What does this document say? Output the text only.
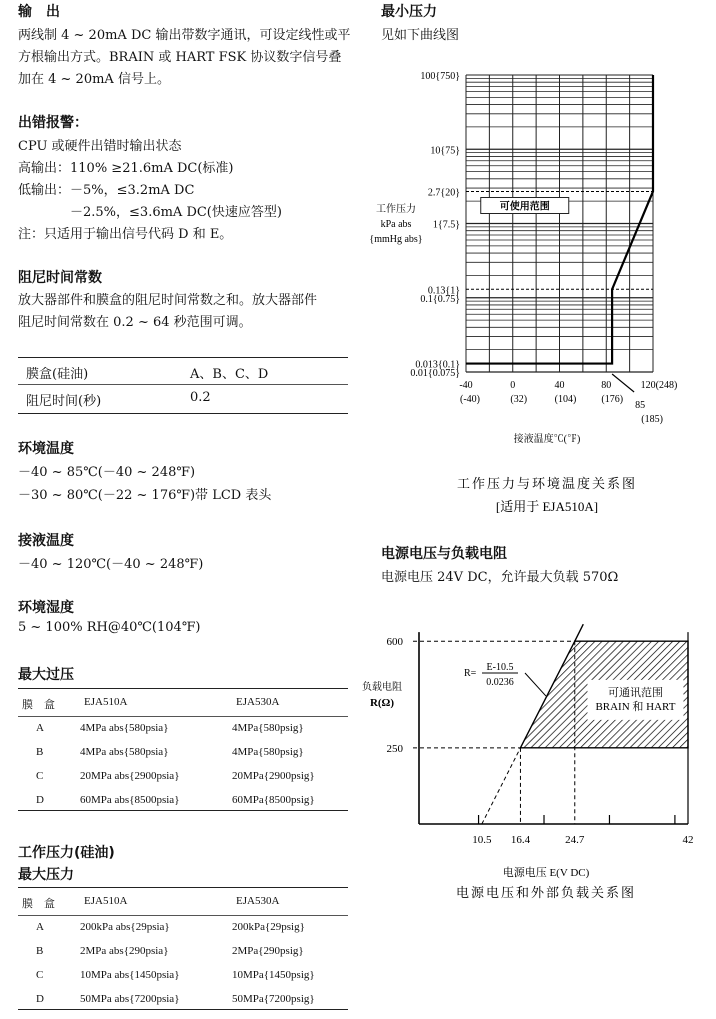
输　出
两线制 4 ~ 20mA DC 输出带数字通讯，可设定线性或平
方根输出方式。BRAIN 或 HART FSK 协议数字信号叠
加在 4 ~ 20mA 信号上。
出错报警：
CPU 或硬件出错时输出状态
高输出：110% ≥21.6mA DC(标准)
低输出：－5%，≤3.2mA DC
－2.5%，≤3.6mA DC(快速应答型)
注：只适用于输出信号代码 D 和 E。
阻尼时间常数
放大器部件和膜盒的阻尼时间常数之和。放大器部件
阻尼时间常数在 0.2 ~ 64 秒范围可调。
膜盒(硅油)	A、B、C、D
阻尼时间(秒)	0.2
环境温度
－40 ~ 85℃(－40 ~ 248℉)
－30 ~ 80℃(－22 ~ 176℉)带 LCD 表头
接液温度
－40 ~ 120℃(－40 ~ 248℉)
环境湿度
5 ~ 100% RH@40℃(104℉)
最大过压
膜　盒	EJA510A	EJA530A
A	4MPa abs{580psia}	4MPa{580psig}
B	4MPa abs{580psia}	4MPa{580psig}
C	20MPa abs{2900psia}	20MPa{2900psig}
D	60MPa abs{8500psia}	60MPa{8500psig}
工作压力(硅油)
最大压力
膜　盒	EJA510A	EJA530A
A	200kPa abs{29psia}	200kPa{29psig}
B	2MPa abs{290psia}	2MPa{290psig}
C	10MPa abs{1450psia}	10MPa{1450psig}
D	50MPa abs{7200psia}	50MPa{7200psig}
最小压力
见如下曲线图
可使用范围
100{750}
10{75}
2.7{20}
1{7.5}
0.13{1}
0.1{0.75}
0.013{0.1}
0.01{0.075}
-40
(-40)
0
(32)
40
(104)
80
(176)
120(248)
85
(185)
工作压力
kPa abs
{mmHg abs}
接液温度℃(℉)
工作压力与环境温度关系图
[适用于 EJA510A]
电源电压与负载电阻
电源电压 24V DC，允许最大负载 570Ω
可通讯范围
BRAIN 和 HART
600
250
10.5 16.4	24.7	42
负载电阻
R(Ω)
R=
E-10.5
0.0236
电源电压 E(V DC)
电源电压和外部负载关系图
